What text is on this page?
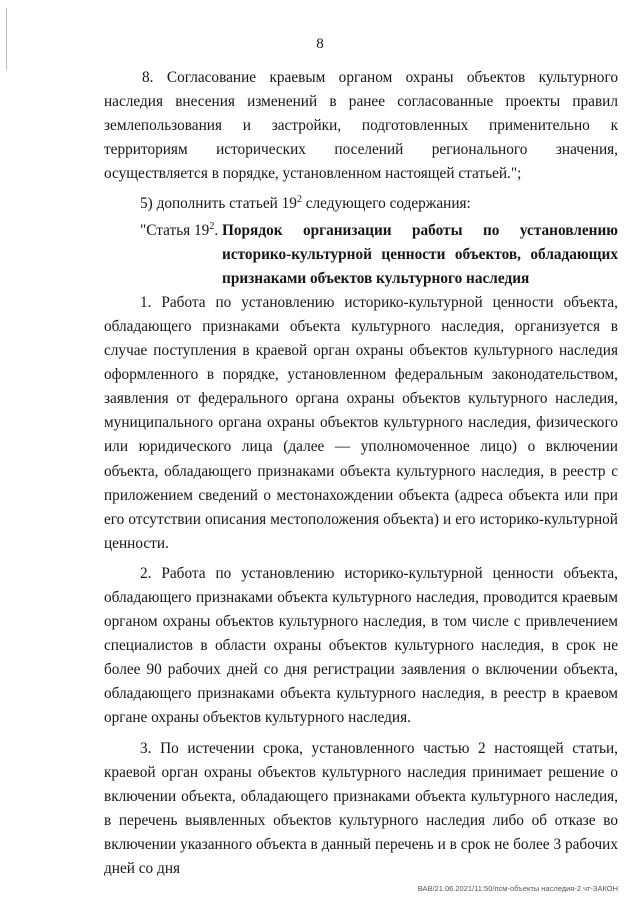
8

8. Согласование краевым органом охраны объектов культурного наследия внесения изменений в ранее согласованные проекты правил землепользования и застройки, подготовленных применительно к территориям исторических поселений регионального значения, осуществляется в порядке, установленном настоящей статьей.";

5) дополнить статьей $19^2$ следующего содержания:

"Статья $19^2$. Порядок организации работы по установлению историко-культурной ценности объектов, обладающих признаками объектов культурного наследия

1. Работа по установлению историко-культурной ценности объекта, обладающего признаками объекта культурного наследия, организуется в случае поступления в краевой орган охраны объектов культурного наследия оформленного в порядке, установленном федеральным законодательством, заявления от федерального органа охраны объектов культурного наследия, муниципального органа охраны объектов культурного наследия, физического или юридического лица (далее — уполномоченное лицо) о включении объекта, обладающего признаками объекта культурного наследия, в реестр с приложением сведений о местонахождении объекта (адреса объекта или при его отсутствии описания местоположения объекта) и его историко-культурной ценности.

2. Работа по установлению историко-культурной ценности объекта, обладающего признаками объекта культурного наследия, проводится краевым органом охраны объектов культурного наследия, в том числе с привлечением специалистов в области охраны объектов культурного наследия, в срок не более 90 рабочих дней со дня регистрации заявления о включении объекта, обладающего признаками объекта культурного наследия, в реестр в краевом органе охраны объектов культурного наследия.

3. По истечении срока, установленного частью 2 настоящей статьи, краевой орган охраны объектов культурного наследия принимает решение о включении объекта, обладающего признаками объекта культурного наследия, в перечень выявленных объектов культурного наследия либо об отказе во включении указанного объекта в данный перечень и в срок не более 3 рабочих дней со дня

ВАВ/21.06.2021/11:50/псм-объекты наследия-2 чт-ЗАКОН
